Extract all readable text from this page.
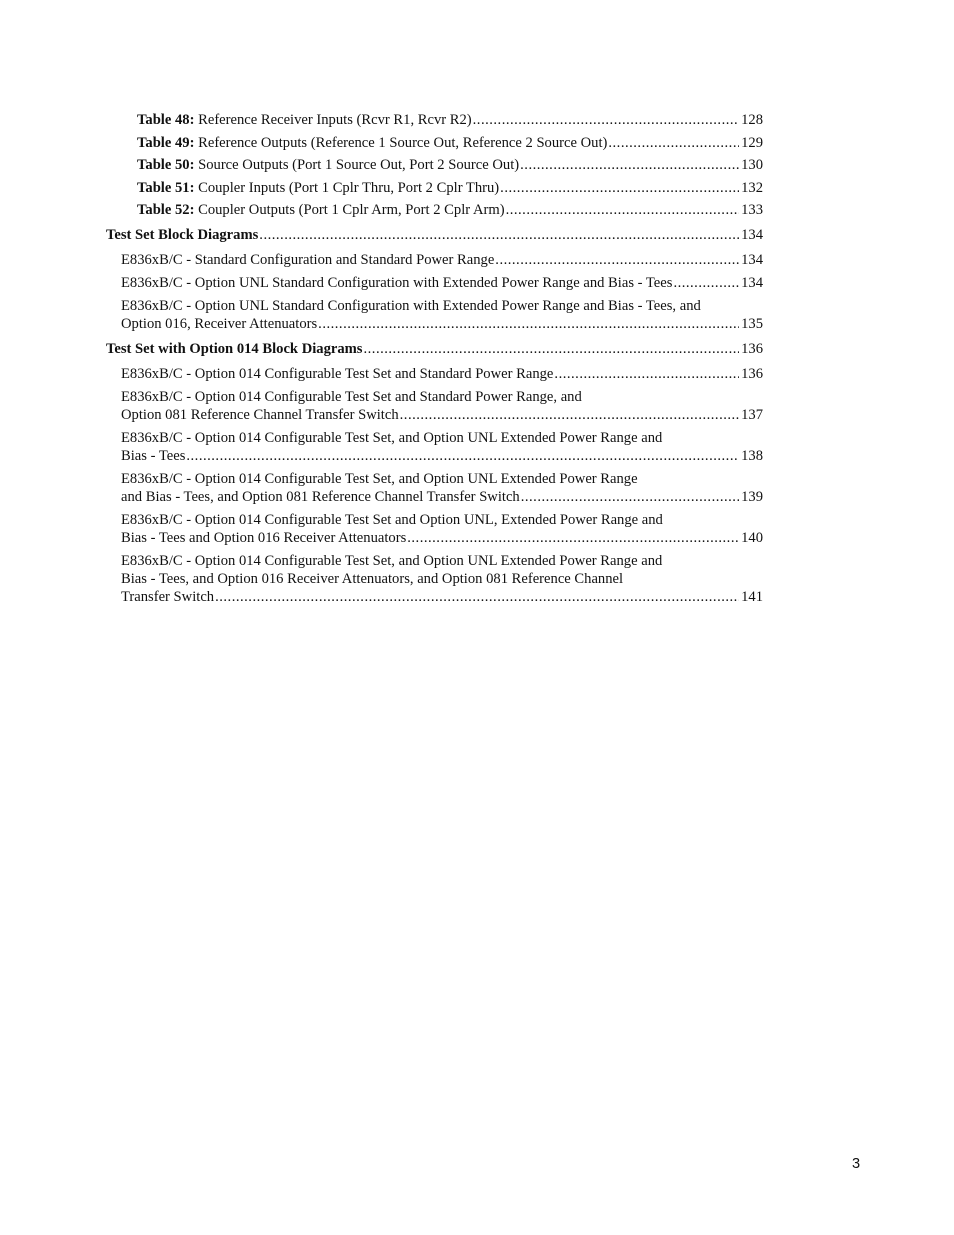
Table 48: Reference Receiver Inputs (Rcvr R1, Rcvr R2) .....	128
Table 49: Reference Outputs (Reference 1 Source Out, Reference 2 Source Out) .....	129
Table 50: Source Outputs (Port 1 Source Out, Port 2 Source Out) .....	130
Table 51: Coupler Inputs (Port 1 Cplr Thru, Port 2 Cplr Thru) .....	132
Table 52: Coupler Outputs (Port 1 Cplr Arm, Port 2 Cplr Arm) .....	133
Test Set Block Diagrams .....	134
E836xB/C - Standard Configuration and Standard Power Range .....	134
E836xB/C - Option UNL Standard Configuration with Extended Power Range and Bias - Tees .....	134
E836xB/C - Option UNL Standard Configuration with Extended Power Range and Bias - Tees, and
Option 016, Receiver Attenuators .....	135
Test Set with Option 014 Block Diagrams .....	136
E836xB/C - Option 014 Configurable Test Set and Standard Power Range .....	136
E836xB/C - Option 014 Configurable Test Set and Standard Power Range, and
Option 081 Reference Channel Transfer Switch .....	137
E836xB/C - Option 014 Configurable Test Set, and Option UNL Extended Power Range and
Bias - Tees .....	138
E836xB/C - Option 014 Configurable Test Set, and Option UNL Extended Power Range
and Bias - Tees, and Option 081 Reference Channel Transfer Switch .....	139
E836xB/C - Option 014 Configurable Test Set and Option UNL, Extended Power Range and
Bias - Tees and Option 016 Receiver Attenuators .....	140
E836xB/C - Option 014 Configurable Test Set, and Option UNL Extended Power Range and
Bias - Tees, and Option 016 Receiver Attenuators, and Option 081 Reference Channel
Transfer Switch .....	141
3
